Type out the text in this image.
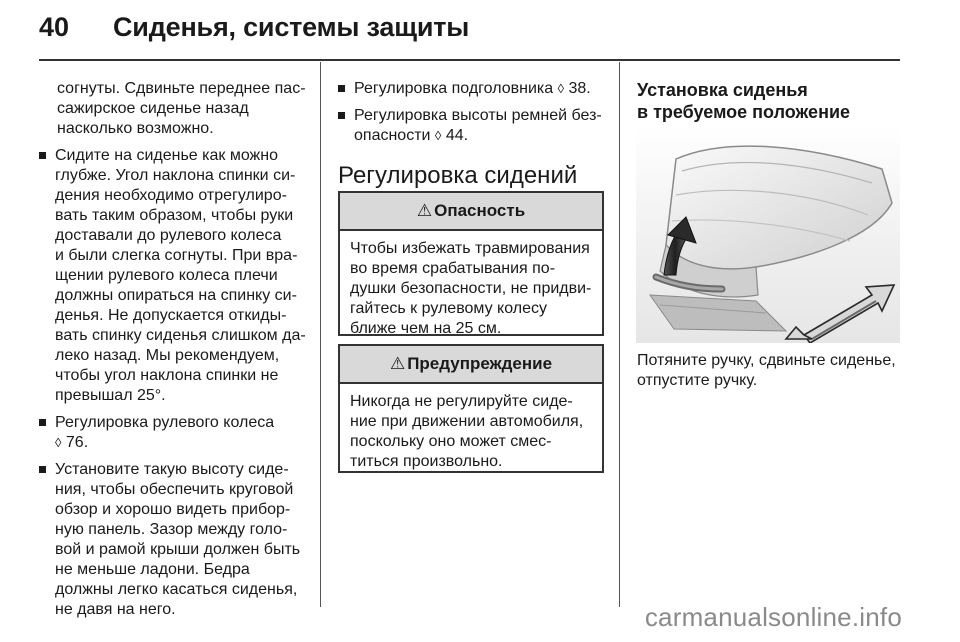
40 Сиденья, системы защиты

согнуты. Сдвиньте переднее пас-
сажирское сиденье назад
насколько возможно.

Сидите на сиденье как можно
глубже. Угол наклона спинки си-
дения необходимо отрегулиро-
вать таким образом, чтобы руки
доставали до рулевого колеса
и были слегка согнуты. При вра-
щении рулевого колеса плечи
должны опираться на спинку си-
денья. Не допускается откиды-
вать спинку сиденья слишком да-
леко назад. Мы рекомендуем,
чтобы угол наклона спинки не
превышал 25°.
Регулировка рулевого колеса
◊ 76.
Установите такую высоту сиде-
ния, чтобы обеспечить круговой
обзор и хорошо видеть прибор-
ную панель. Зазор между голо-
вой и рамой крыши должен быть
не меньше ладони. Бедра
должны легко касаться сиденья,
не давя на него.
Регулировка подголовника ◊ 38.
Регулировка высоты ремней без-
опасности ◊ 44.
Регулировка сидений
⚠ Опасность
Чтобы избежать травмирования
во время срабатывания по-
душки безопасности, не придви-
гайтесь к рулевому колесу
ближе чем на 25 см.
⚠ Предупреждение
Никогда не регулируйте сиде-
ние при движении автомобиля,
поскольку оно может смес-
титься произвольно.
Установка сиденья
в требуемое положение
Потяните ручку, сдвиньте сиденье,
отпустите ручку.
carmanualsonline.info
